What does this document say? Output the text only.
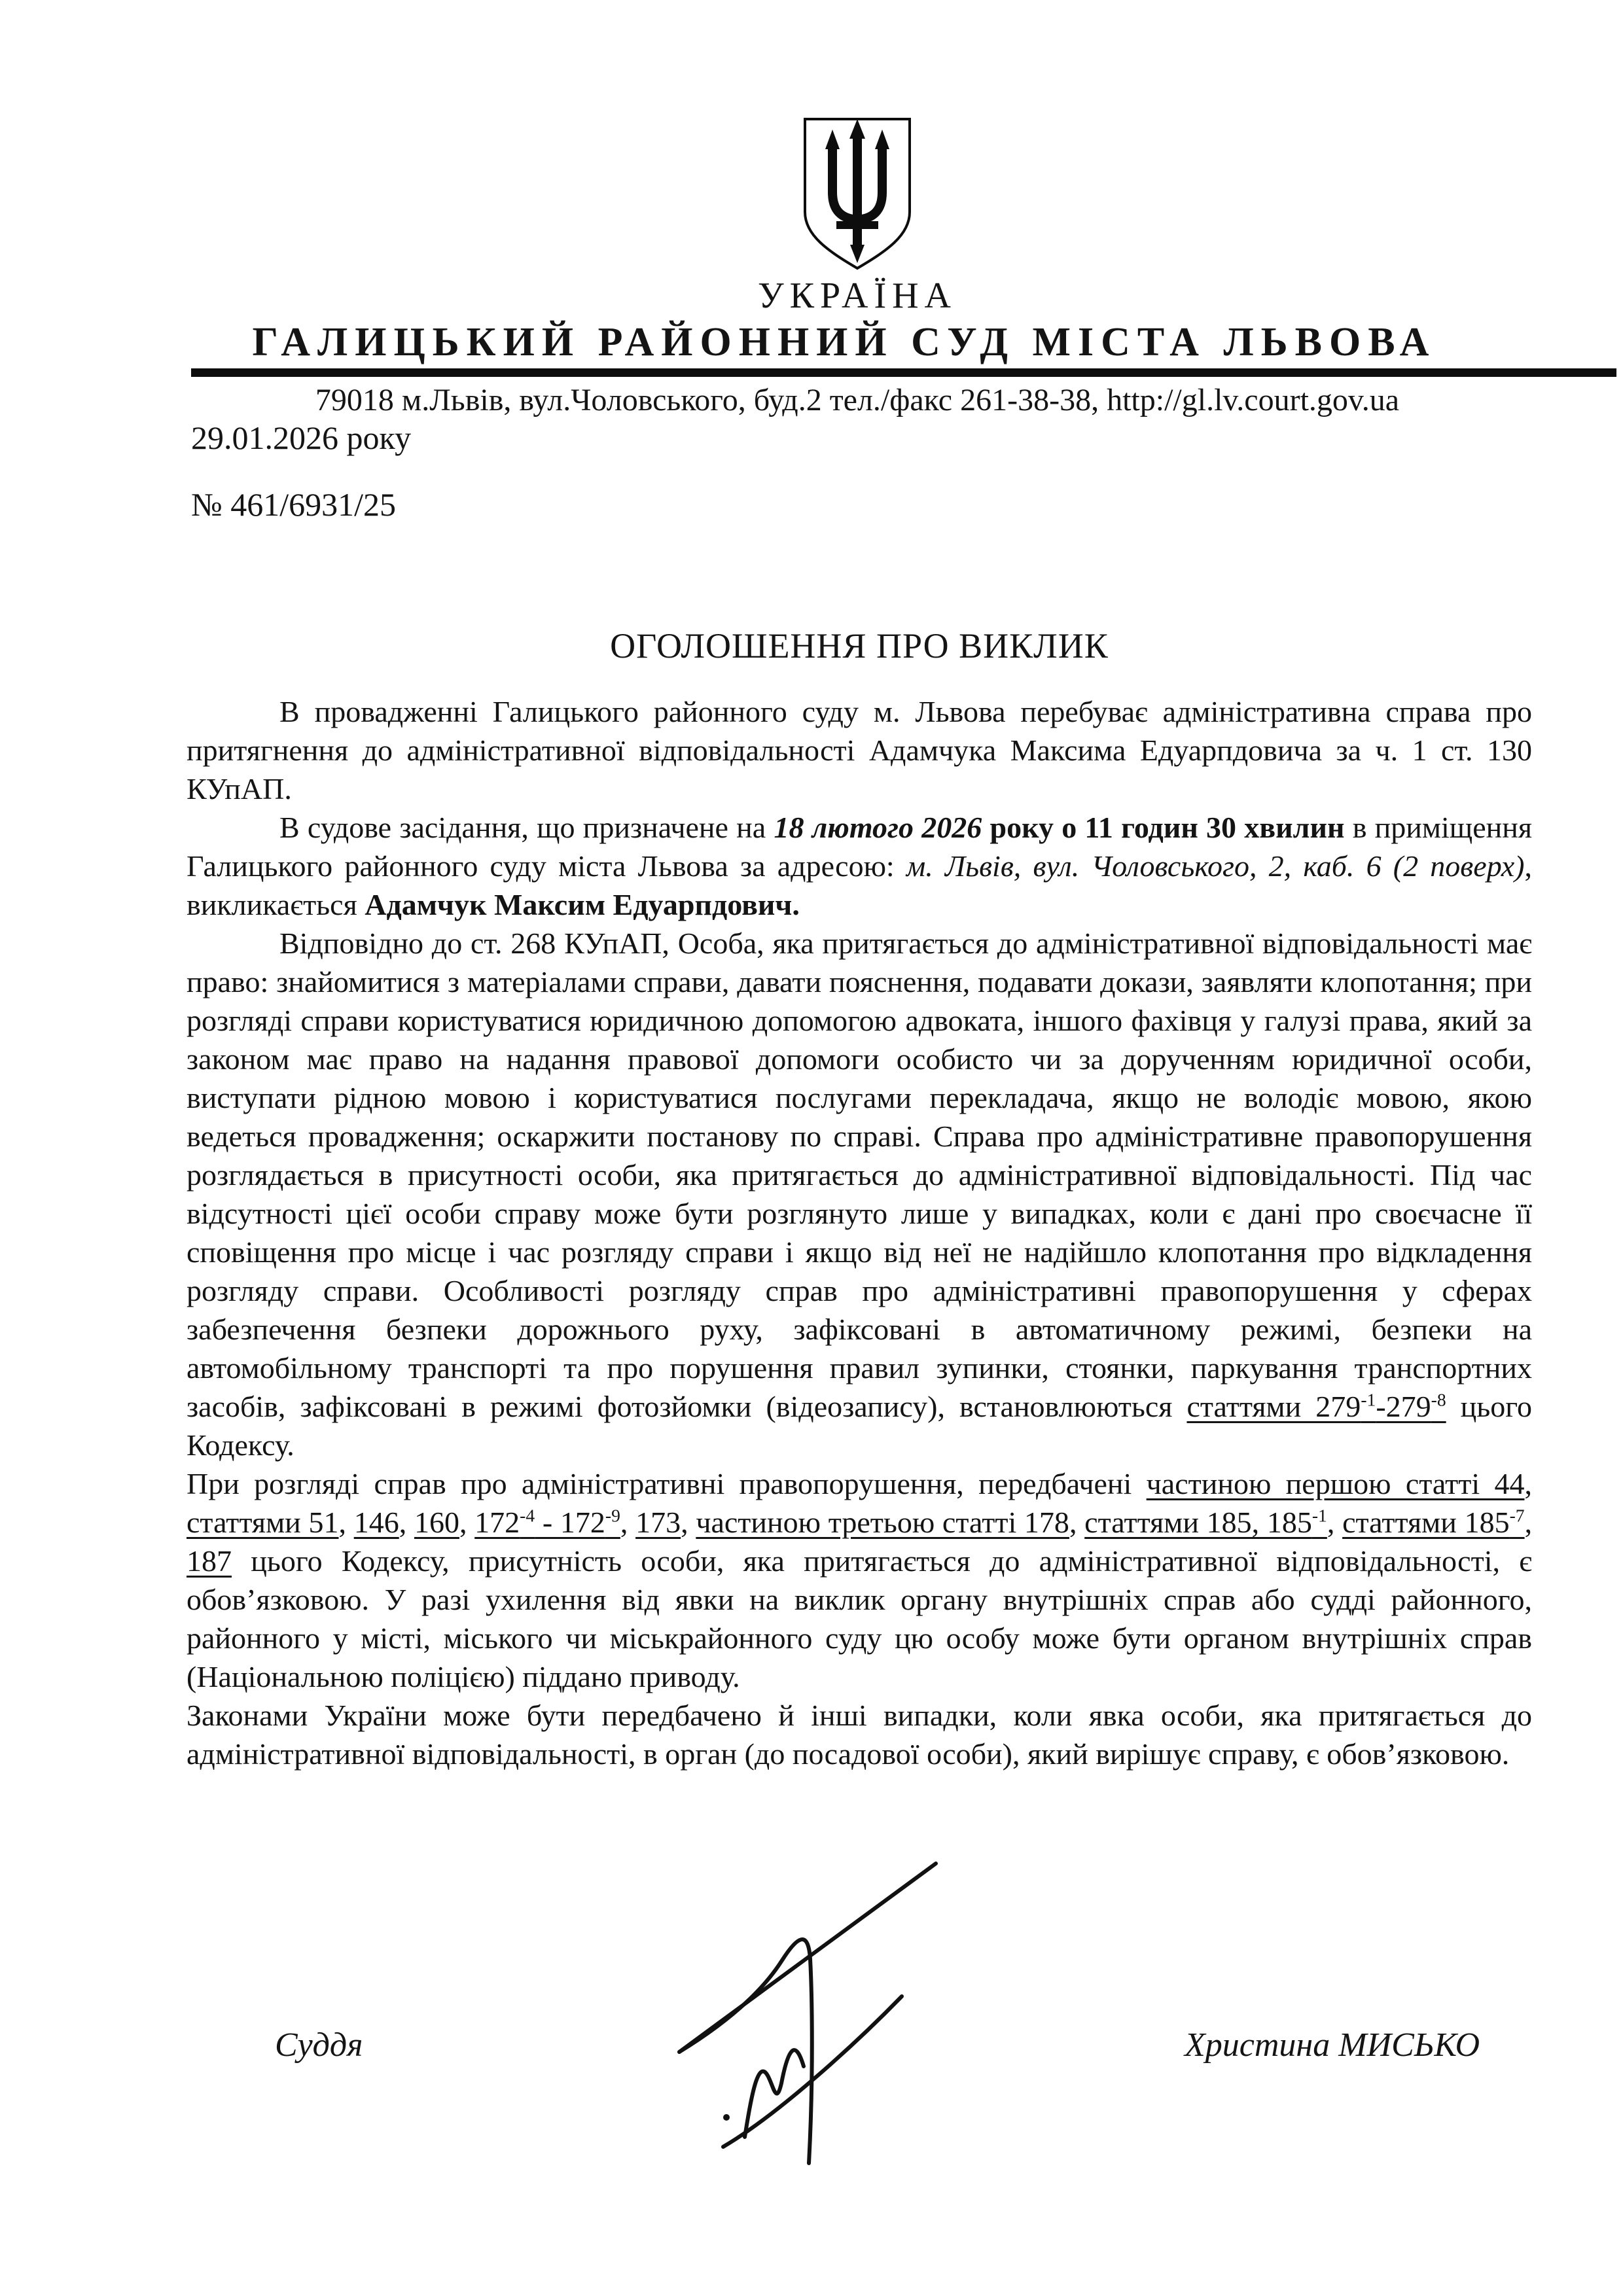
УКРАЇНА
ГАЛИЦЬКИЙ РАЙОННИЙ СУД МІСТА ЛЬВОВА
79018 м.Львів, вул.Чоловського, буд.2 тел./факс 261-38-38, http://gl.lv.court.gov.ua
29.01.2026 року
№ 461/6931/25
ОГОЛОШЕННЯ ПРО ВИКЛИК

В провадженні Галицького районного суду м. Львова перебуває адміністративна справа про притягнення до адміністративної відповідальності Адамчука Максима Едуарпдовича за ч. 1 ст. 130 КУпАП.

В судове засідання, що призначене на 18 лютого 2026 року о 11 годин 30 хвилин в приміщення Галицького районного суду міста Львова за адресою: м. Львів, вул. Чоловського, 2, каб. 6 (2 поверх), викликається Адамчук Максим Едуарпдович.

Відповідно до ст. 268 КУпАП, Особа, яка притягається до адміністративної відповідальності має право: знайомитися з матеріалами справи, давати пояснення, подавати докази, заявляти клопотання; при розгляді справи користуватися юридичною допомогою адвоката, іншого фахівця у галузі права, який за законом має право на надання правової допомоги особисто чи за дорученням юридичної особи, виступати рідною мовою і користуватися послугами перекладача, якщо не володіє мовою, якою ведеться провадження; оскаржити постанову по справі. Справа про адміністративне правопорушення розглядається в присутності особи, яка притягається до адміністративної відповідальності. Під час відсутності цієї особи справу може бути розглянуто лише у випадках, коли є дані про своєчасне її сповіщення про місце і час розгляду справи і якщо від неї не надійшло клопотання про відкладення розгляду справи. Особливості розгляду справ про адміністративні правопорушення у сферах забезпечення безпеки дорожнього руху, зафіксовані в автоматичному режимі, безпеки на автомобільному транспорті та про порушення правил зупинки, стоянки, паркування транспортних засобів, зафіксовані в режимі фотозйомки (відеозапису), встановлюються статтями $279^{-1}-279^{-8}$ цього Кодексу.

При розгляді справ про адміністративні правопорушення, передбачені частиною першою статті 44, статтями 51, 146, 160, $172^{-4} - 172^{-9}$, 173, частиною третьою статті 178, статтями 185, $185^{-1}$, статтями $185^{-7}$, 187 цього Кодексу, присутність особи, яка притягається до адміністративної відповідальності, є обов’язковою. У разі ухилення від явки на виклик органу внутрішніх справ або судді районного, районного у місті, міського чи міськрайонного суду цю особу може бути органом внутрішніх справ (Національною поліцією) піддано приводу.

Законами України може бути передбачено й інші випадки, коли явка особи, яка притягається до адміністративної відповідальності, в орган (до посадової особи), який вирішує справу, є обов’язковою.

Суддя	Христина МИСЬКО
